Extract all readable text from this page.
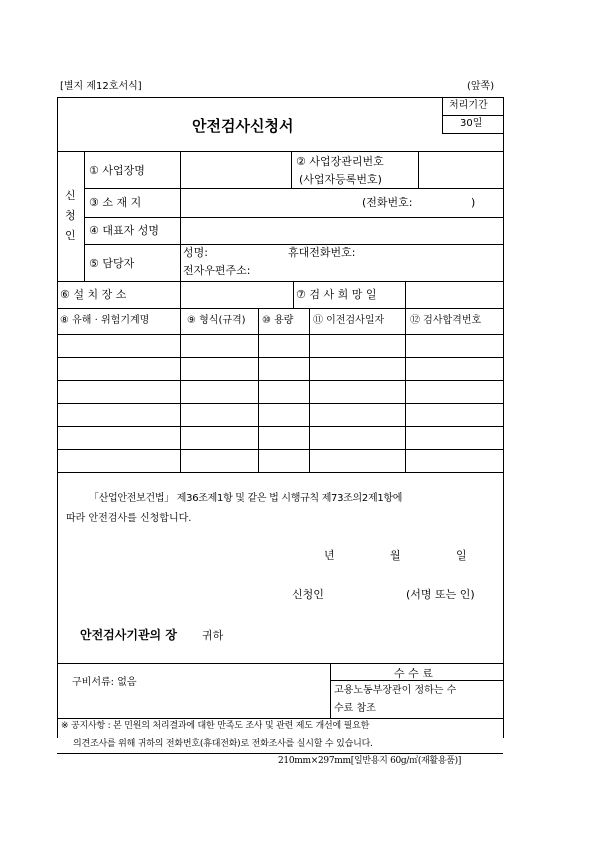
[별지 제12호서식]	(앞쪽)
안전검사신청서
처리기간
30일
신
청
인
① 사업장명
② 사업장관리번호
(사업자등록번호)
③ 소 재 지	(전화번호:	)
④ 대표자 성명
⑤ 담당자
성명:	휴대전화번호:
전자우편주소:
⑥ 설 치 장 소	⑦ 검 사 희 망 일
⑧ 유해 · 위험기계명	⑨ 형식(규격) ⑩ 용량 ⑪ 이전검사일자	⑫ 검사합격번호
「산업안전보건법」 제36조제1항 및 같은 법 시행규칙 제73조의2제1항에
따라 안전검사를 신청합니다.
년	월	일
신청인	(서명 또는 인)
안전검사기관의 장 귀하
구비서류: 없음
수 수 료
고용노동부장관이 정하는 수
수료 참조
※ 공지사항 : 본 민원의 처리결과에 대한 만족도 조사 및 관련 제도 개선에 필요한
의견조사를 위해 귀하의 전화번호(휴대전화)로 전화조사를 실시할 수 있습니다.
210mm×297mm[일반용지 60g/㎡(재활용품)]
